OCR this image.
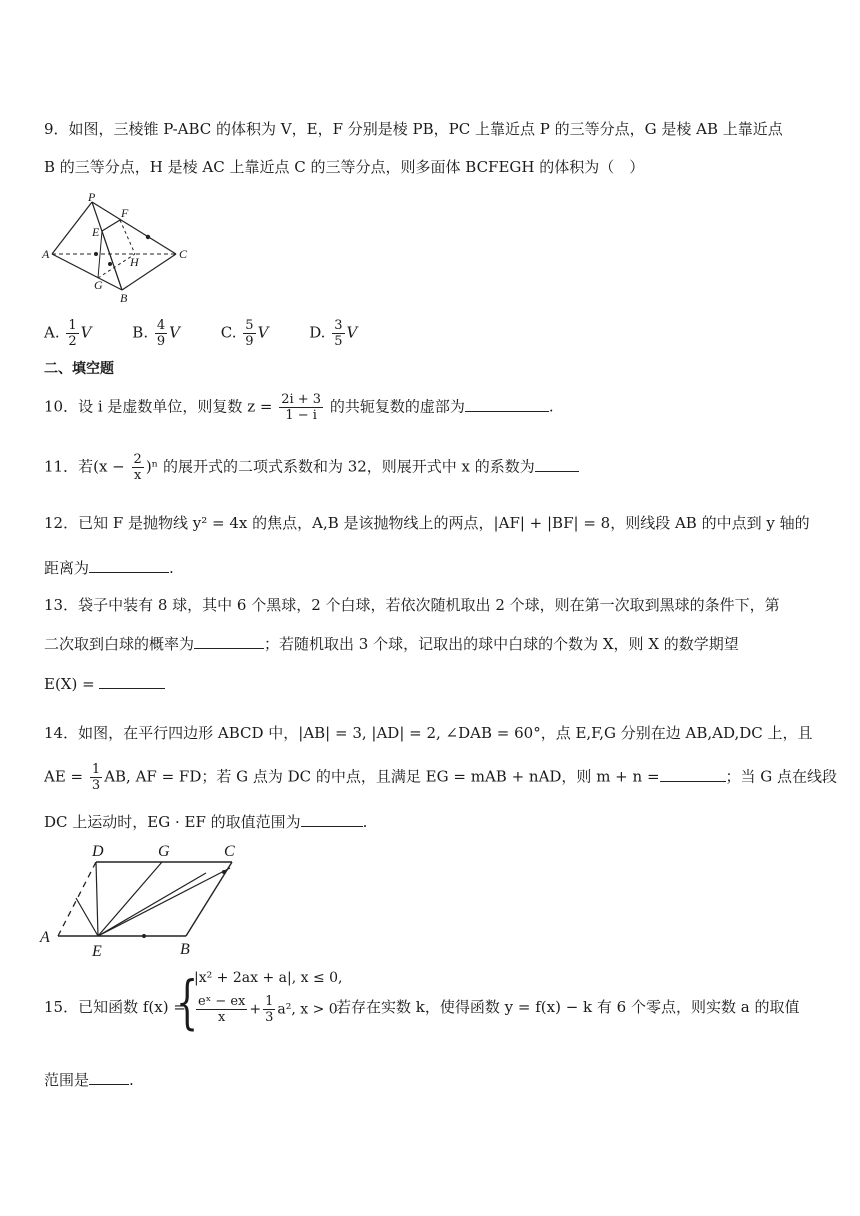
9．如图，三棱锥 P-ABC 的体积为 V，E，F 分别是棱 PB，PC 上靠近点 P 的三等分点，G 是棱 AB 上靠近点
B 的三等分点，H 是棱 AC 上靠近点 C 的三等分点，则多面体 BCFEGH 的体积为（　）
P
F
E
A
H
C
G
B
A. $\frac{1}{2}$ V	B. $\frac{4}{9}$ V	C. $\frac{5}{9}$ V	D. $\frac{3}{5}$ V
二、填空题
10．设 i 是虚数单位，则复数 $z = \frac{2i + 3}{1 - i}$ 的共轭复数的虚部为	.
11．若$(x - \frac{2}{x} )^n$ 的展开式的二项式系数和为 32，则展开式中 x 的系数为
12．已知 F 是抛物线 y² = 4x 的焦点，A,B 是该抛物线上的两点，|AF| + |BF| = 8，则线段 AB 的中点到 y 轴的
距离为	.
13．袋子中装有 8 球，其中 6 个黑球，2 个白球，若依次随机取出 2 个球，则在第一次取到黑球的条件下，第
二次取到白球的概率为	；若随机取出 3 个球，记取出的球中白球的个数为 X，则 X 的数学期望
E(X) =
14．如图，在平行四边形 ABCD 中，|AB| = 3, |AD| = 2, ∠DAB = 60°，点 E,F,G 分别在边 AB,AD,DC 上，且
AE = $\frac{1}{3}$ AB, AF = FD；若 G 点为 DC 的中点，且满足 EG = mAB + nAD，则 m + n =	；当 G 点在线段
DC 上运动时，EG · EF 的取值范围为	.
D	G	C
A
E	B
15．已知函数 f(x) =
{
|x² + 2ax + a|, x ≤ 0,
$\frac{\text{eˣ − ex}}{x} + \frac{1}{3} a^2$, x > 0.
若存在实数 k，使得函数 y = f(x) − k 有 6 个零点，则实数 a 的取值
范围是	.
